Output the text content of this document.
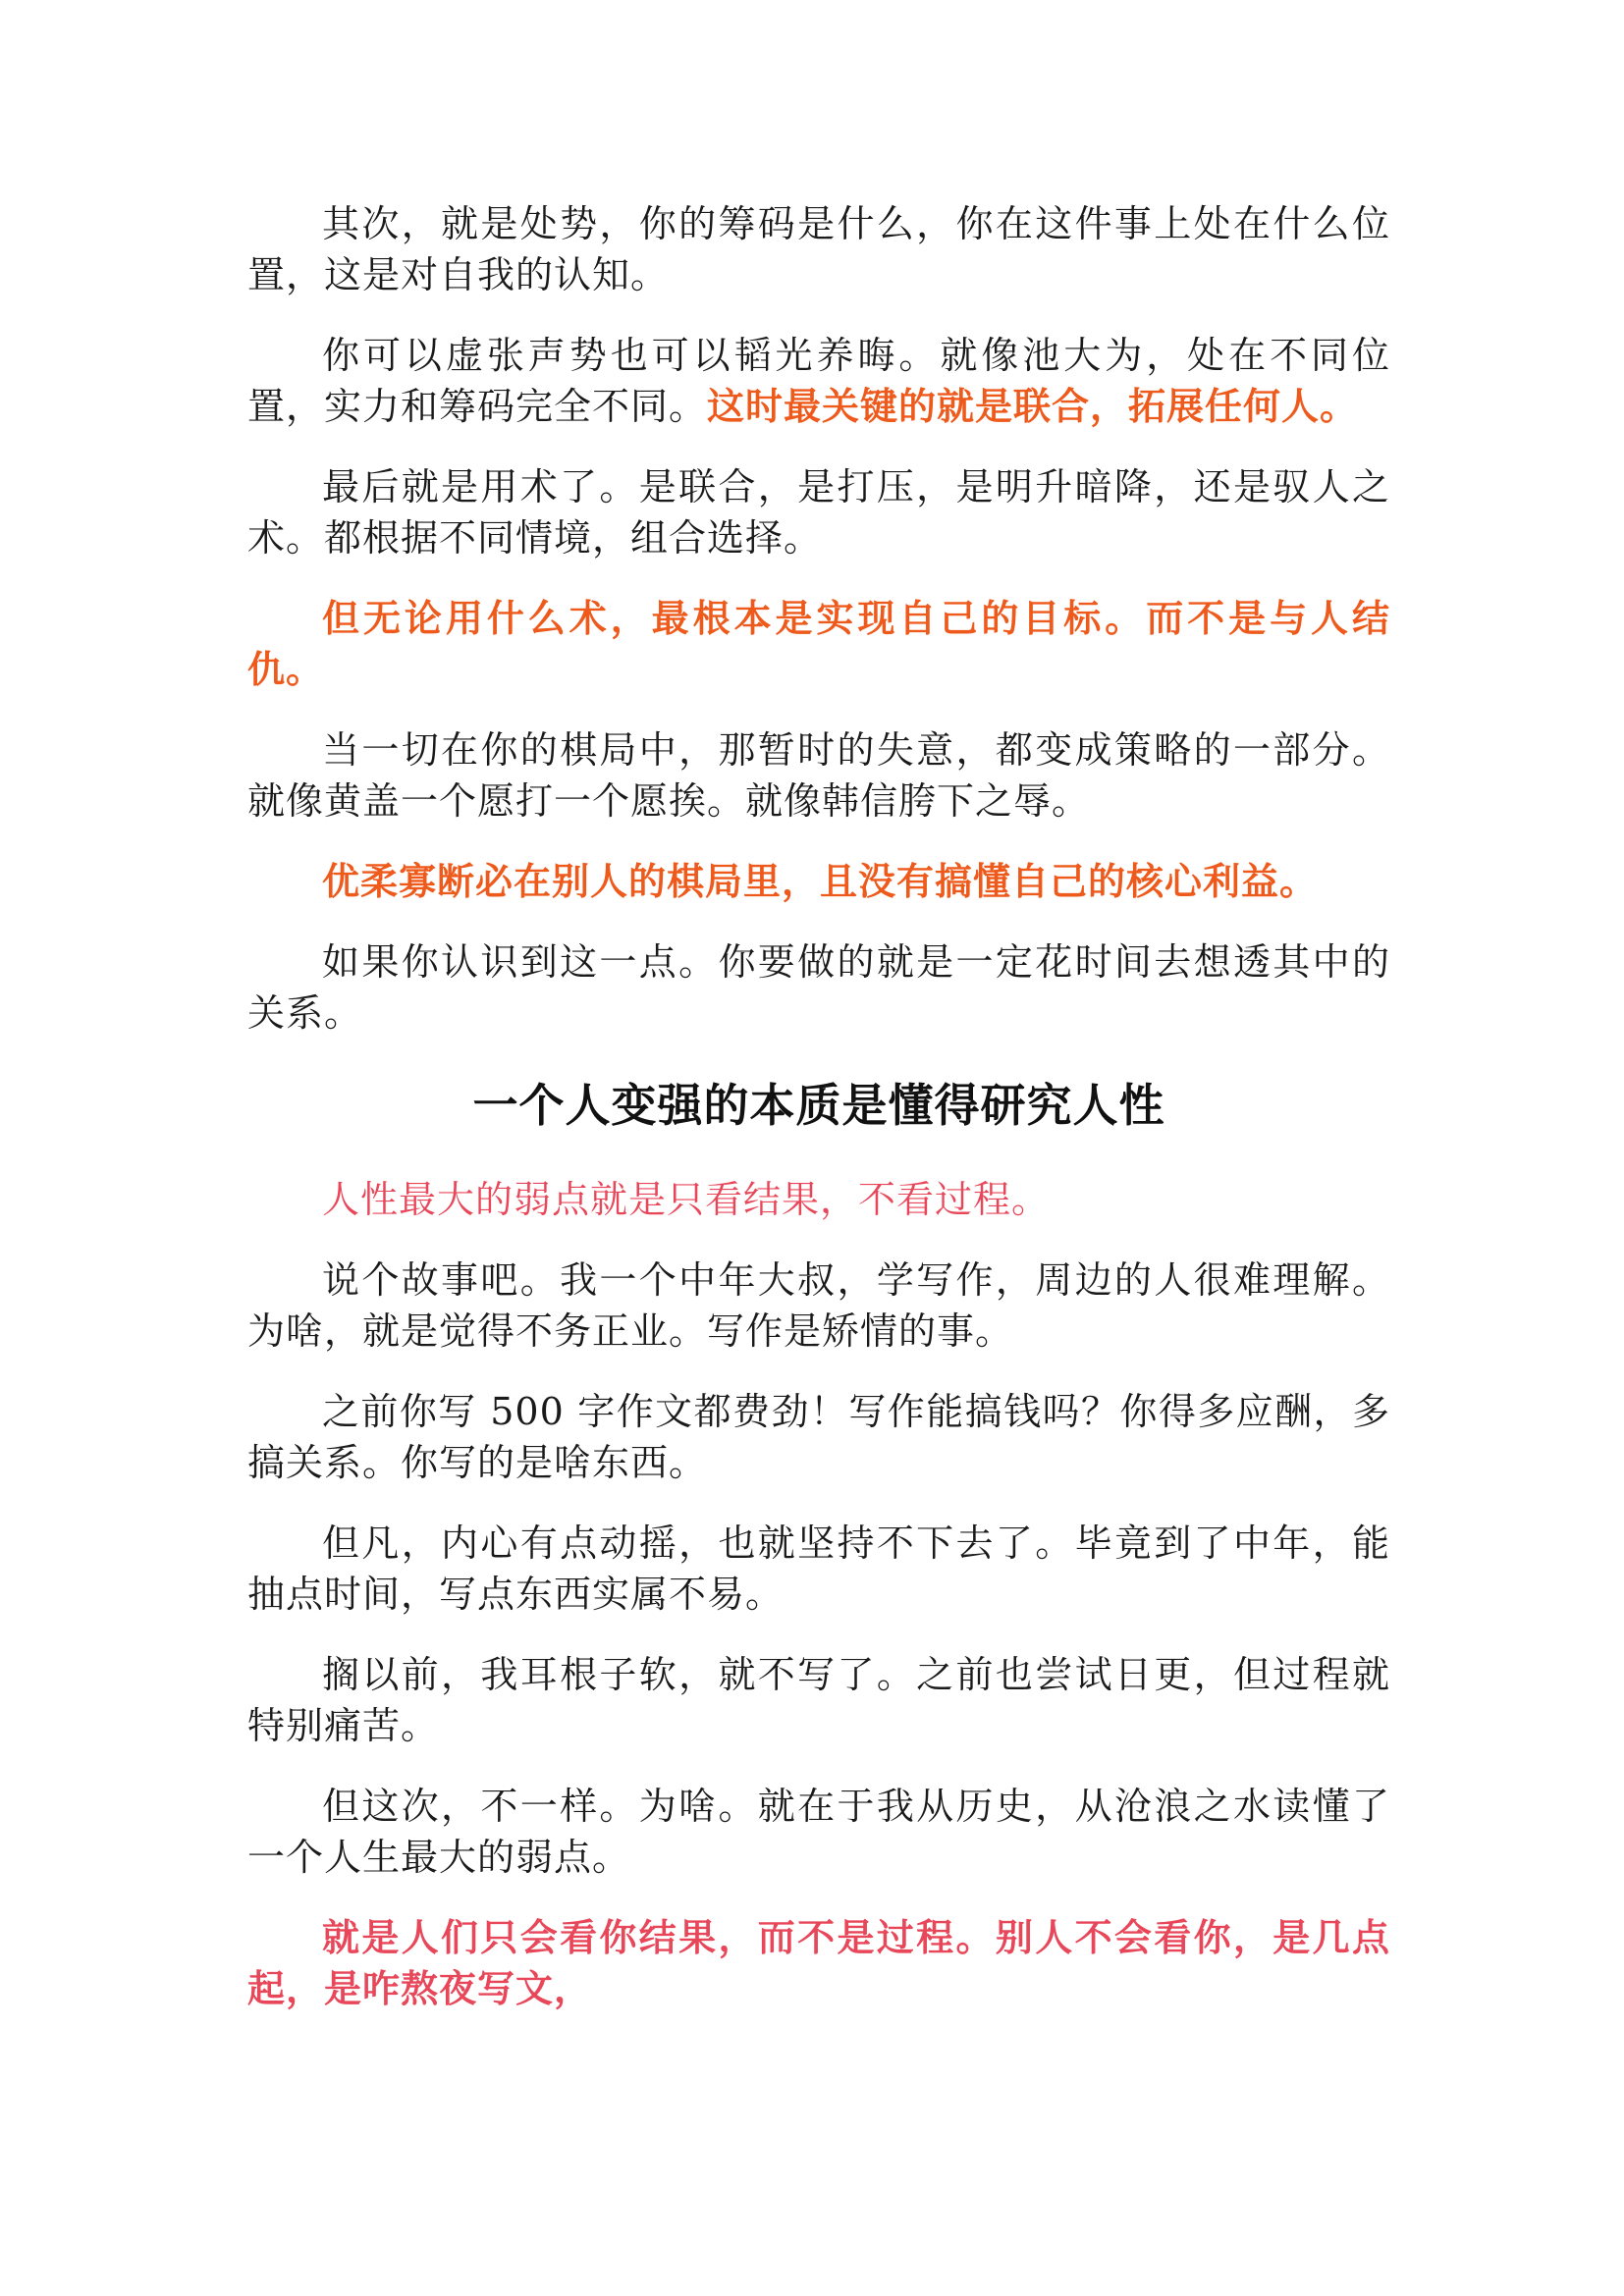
其次，就是处势，你的筹码是什么，你在这件事上处在什么位置，这是对自我的认知。

你可以虚张声势也可以韬光养晦。就像池大为，处在不同位置，实力和筹码完全不同。这时最关键的就是联合，拓展任何人。

最后就是用术了。是联合，是打压，是明升暗降，还是驭人之术。都根据不同情境，组合选择。

但无论用什么术，最根本是实现自己的目标。而不是与人结仇。

当一切在你的棋局中，那暂时的失意，都变成策略的一部分。就像黄盖一个愿打一个愿挨。就像韩信胯下之辱。

优柔寡断必在别人的棋局里，且没有搞懂自己的核心利益。

如果你认识到这一点。你要做的就是一定花时间去想透其中的关系。

一个人变强的本质是懂得研究人性

人性最大的弱点就是只看结果，不看过程。

说个故事吧。我一个中年大叔，学写作，周边的人很难理解。为啥，就是觉得不务正业。写作是矫情的事。

之前你写 500 字作文都费劲！写作能搞钱吗？你得多应酬，多搞关系。你写的是啥东西。

但凡，内心有点动摇，也就坚持不下去了。毕竟到了中年，能抽点时间，写点东西实属不易。

搁以前，我耳根子软，就不写了。之前也尝试日更，但过程就特别痛苦。

但这次，不一样。为啥。就在于我从历史，从沧浪之水读懂了一个人生最大的弱点。

就是人们只会看你结果，而不是过程。别人不会看你，是几点起，是咋熬夜写文，
